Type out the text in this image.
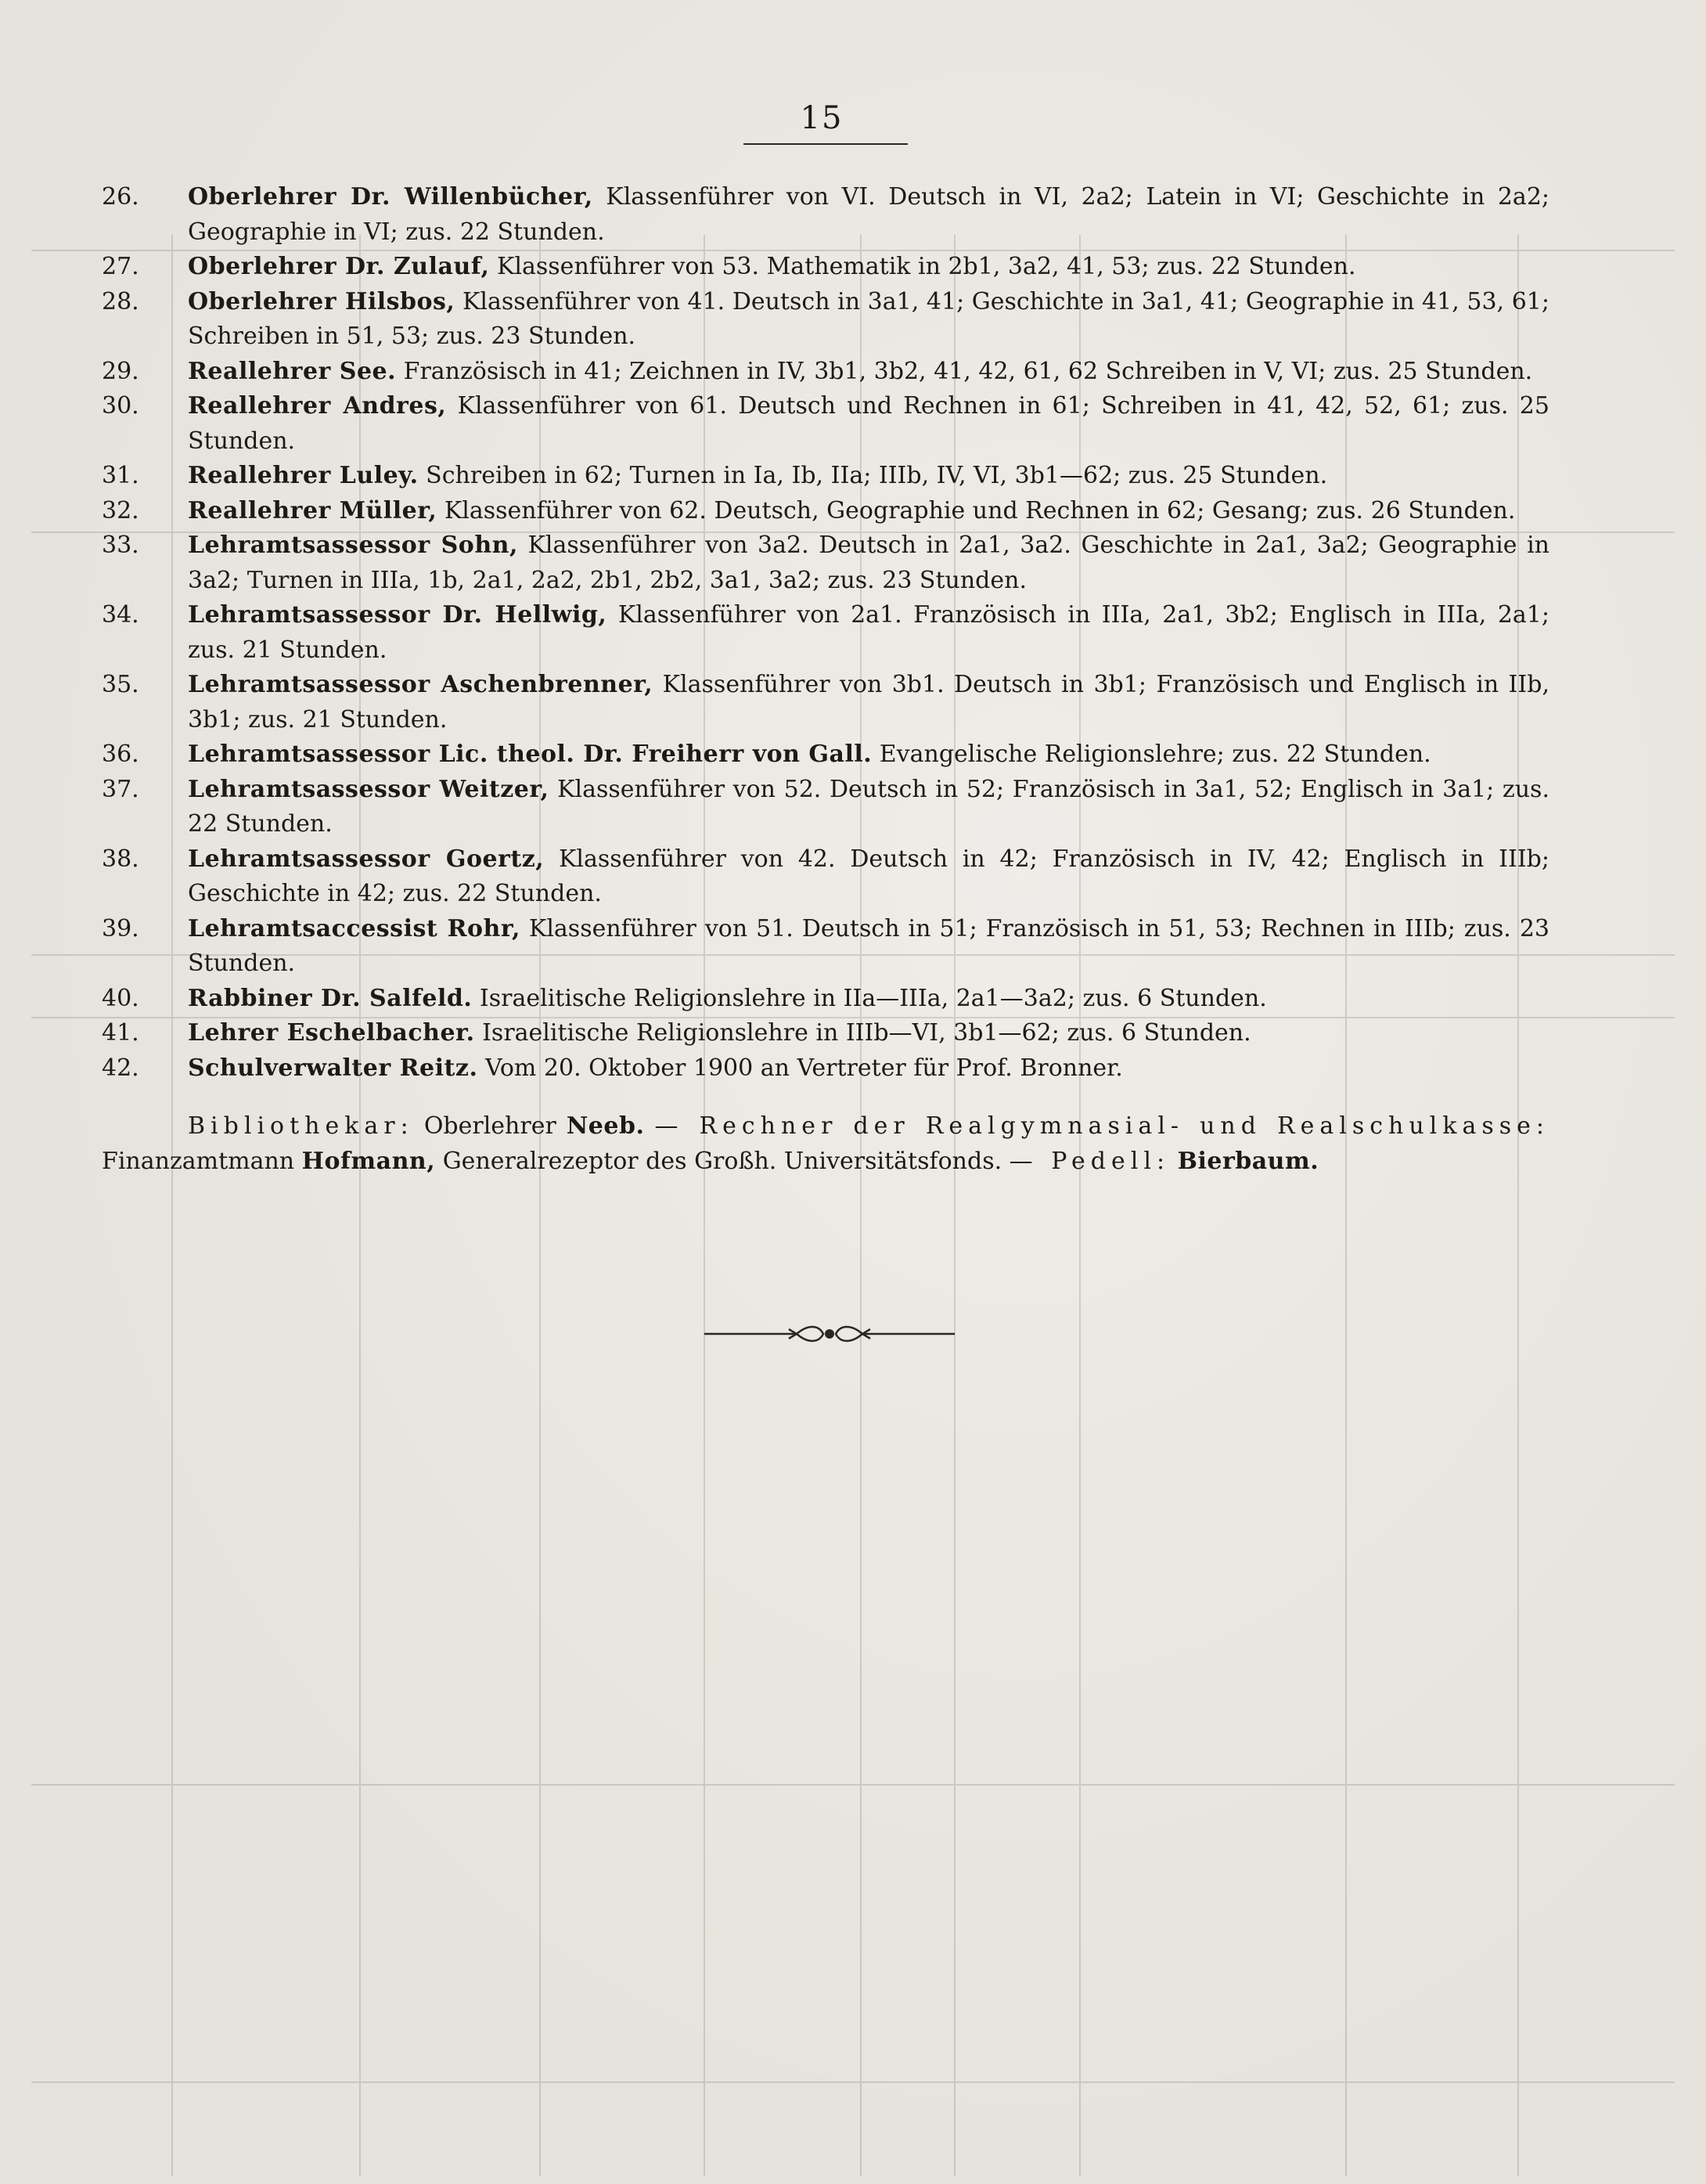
15
26.	Oberlehrer Dr. Willenbücher, Klassenführer von VI. Deutsch in VI, 2a2; Latein in VI; Geschichte in 2a2; Geographie in VI; zus. 22 Stunden.
27.	Oberlehrer Dr. Zulauf, Klassenführer von 53. Mathematik in 2b1, 3a2, 41, 53; zus. 22 Stunden.
28.	Oberlehrer Hilsbos, Klassenführer von 41. Deutsch in 3a1, 41; Geschichte in 3a1, 41; Geographie in 41, 53, 61; Schreiben in 51, 53; zus. 23 Stunden.
29.	Reallehrer See. Französisch in 41; Zeichnen in IV, 3b1, 3b2, 41, 42, 61, 62 Schreiben in V, VI; zus. 25 Stunden.
30.	Reallehrer Andres, Klassenführer von 61. Deutsch und Rechnen in 61; Schreiben in 41, 42, 52, 61; zus. 25 Stunden.
31.	Reallehrer Luley. Schreiben in 62; Turnen in Ia, Ib, IIa; IIIb, IV, VI, 3b1—62; zus. 25 Stunden.
32.	Reallehrer Müller, Klassenführer von 62. Deutsch, Geographie und Rechnen in 62; Gesang; zus. 26 Stunden.
33.	Lehramtsassessor Sohn, Klassenführer von 3a2. Deutsch in 2a1, 3a2. Geschichte in 2a1, 3a2; Geographie in 3a2; Turnen in IIIa, 1b, 2a1, 2a2, 2b1, 2b2, 3a1, 3a2; zus. 23 Stunden.
34.	Lehramtsassessor Dr. Hellwig, Klassenführer von 2a1. Französisch in IIIa, 2a1, 3b2; Englisch in IIIa, 2a1; zus. 21 Stunden.
35.	Lehramtsassessor Aschenbrenner, Klassenführer von 3b1. Deutsch in 3b1; Französisch und Englisch in IIb, 3b1; zus. 21 Stunden.
36.	Lehramtsassessor Lic. theol. Dr. Freiherr von Gall. Evangelische Religionslehre; zus. 22 Stunden.
37.	Lehramtsassessor Weitzer, Klassenführer von 52. Deutsch in 52; Französisch in 3a1, 52; Englisch in 3a1; zus. 22 Stunden.
38.	Lehramtsassessor Goertz, Klassenführer von 42. Deutsch in 42; Französisch in IV, 42; Englisch in IIIb; Geschichte in 42; zus. 22 Stunden.
39.	Lehramtsaccessist Rohr, Klassenführer von 51. Deutsch in 51; Französisch in 51, 53; Rechnen in IIIb; zus. 23 Stunden.
40.	Rabbiner Dr. Salfeld. Israelitische Religionslehre in IIa—IIIa, 2a1—3a2; zus. 6 Stunden.
41.	Lehrer Eschelbacher. Israelitische Religionslehre in IIIb—VI, 3b1—62; zus. 6 Stunden.
42.	Schulverwalter Reitz. Vom 20. Oktober 1900 an Vertreter für Prof. Bronner.
Bibliothekar: Oberlehrer Neeb. — Rechner der Realgymnasial- und Realschulkasse:
Finanzamtmann Hofmann, Generalrezeptor des Großh. Universitätsfonds. — Pedell: Bierbaum.
